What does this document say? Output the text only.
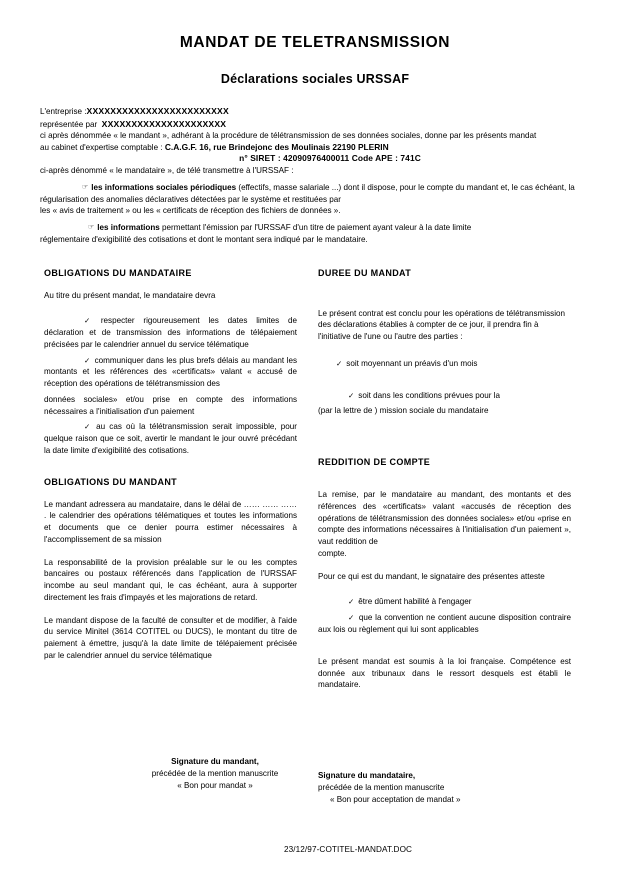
MANDAT DE TELETRANSMISSION
Déclarations sociales URSSAF
L'entreprise :XXXXXXXXXXXXXXXXXXXXXXXX
représentée par XXXXXXXXXXXXXXXXXXXXX
ci après dénommée « le mandant », adhérant à la procédure de télétransmission de ses données sociales, donne par les présents mandat
au cabinet d'expertise comptable : C.A.G.F. 16, rue Brindejonc des Moulinais 22190 PLERIN
n° SIRET : 42090976400011 Code APE : 741C
ci-après dénommé « le mandataire », de télé transmettre à l'URSSAF :
☞ les informations sociales périodiques (effectifs, masse salariale ...) dont il dispose, pour le compte du mandant et, le cas échéant, la régularisation des anomalies déclaratives détectées par le système et restituées par
les « avis de traitement » ou les « certificats de réception des fichiers de données ».
☞ les informations permettant l'émission par l'URSSAF d'un titre de paiement ayant valeur à la date limite
réglementaire d'exigibilité des cotisations et dont le montant sera indiqué par le mandataire.
OBLIGATIONS DU MANDATAIRE
Au titre du présent mandat, le mandataire devra
✓ respecter rigoureusement les dates limites de déclaration et de transmission des informations de télépaiement précisées par le calendrier annuel du service télématique
✓ communiquer dans les plus brefs délais au mandant les montants et les références des «certificats» valant « accusé de réception des opérations de télétransmission des
données sociales» et/ou prise en compte des informations nécessaires a l'initialisation d'un paiement
✓ au cas où la télétransmission serait impossible, pour quelque raison que ce soit, avertir le mandant le jour ouvré précédant la date limite d'exigibilité des cotisations.
OBLIGATIONS DU MANDANT
Le mandant adressera au mandataire, dans le délai de …… …… …… . le calendrier des opérations télématiques et toutes les informations et documents que ce denier pourra estimer nécessaires à l'accomplissement de sa mission
La responsabilité de la provision préalable sur le ou les comptes bancaires ou postaux référencés dans l'application de l'URSSAF incombe au seul mandant qui, le cas échéant, aura à supporter directement les frais d'impayés et les majorations de retard.
Le mandant dispose de la faculté de consulter et de modifier, à l'aide du service Minitel (3614 COTITEL ou DUCS), le montant du titre de paiement à émettre, jusqu'à la date limite de télépaiement précisée par le calendrier annuel du service télématique
DUREE DU MANDAT
Le présent contrat est conclu pour les opérations de télétransmission des déclarations établies à compter de ce jour, il prendra fin à l'initiative de l'une ou l'autre des parties :
✓ soit moyennant un préavis d'un mois
✓ soit dans les conditions prévues pour la
(par la lettre de ) mission sociale du mandataire
REDDITION DE COMPTE
La remise, par le mandataire au mandant, des montants et des références des «certificats» valant «accusés de réception des opérations de télétransmission des données sociales» et/ou «prise en compte des informations nécessaires à l'initialisation d'un paiement », vaut reddition de
compte.
Pour ce qui est du mandant, le signataire des présentes atteste
✓ être dûment habilité à l'engager
✓ que la convention ne contient aucune disposition contraire aux lois ou règlement qui lui sont applicables
Le présent mandat est soumis à la loi française. Compétence est donnée aux tribunaux dans le ressort desquels est établi le mandataire.
Signature du mandant,
précédée de la mention manuscrite
« Bon pour mandat »
Signature du mandataire,
précédée de la mention manuscrite
« Bon pour acceptation de mandat »
23/12/97-COTITEL-MANDAT.DOC
